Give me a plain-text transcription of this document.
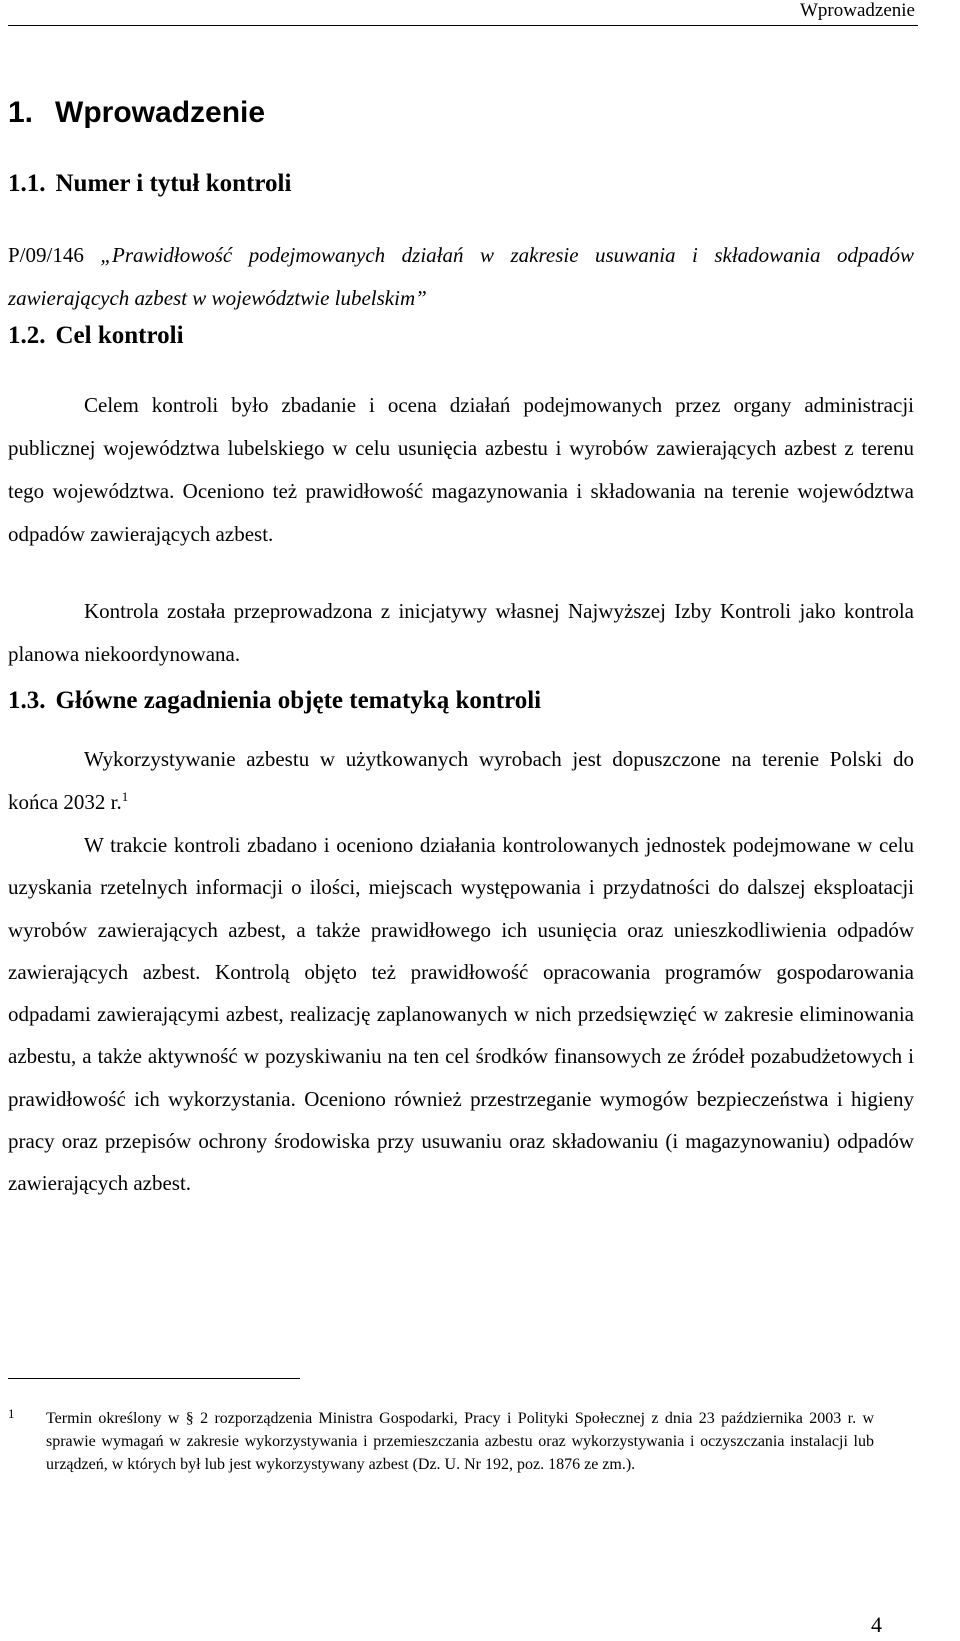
Wprowadzenie
1. Wprowadzenie
1.1. Numer i tytuł kontroli
P/09/146 „Prawidłowość podejmowanych działań w zakresie usuwania i składowania odpadów zawierających azbest w województwie lubelskim”
1.2. Cel kontroli
Celem kontroli było zbadanie i ocena działań podejmowanych przez organy administracji publicznej województwa lubelskiego w celu usunięcia azbestu i wyrobów zawierających azbest z terenu tego województwa. Oceniono też prawidłowość magazynowania i składowania na terenie województwa odpadów zawierających azbest.
Kontrola została przeprowadzona z inicjatywy własnej Najwyższej Izby Kontroli jako kontrola planowa niekoordynowana.
1.3. Główne zagadnienia objęte tematyką kontroli
Wykorzystywanie azbestu w użytkowanych wyrobach jest dopuszczone na terenie Polski do końca 2032 r.$^1$
W trakcie kontroli zbadano i oceniono działania kontrolowanych jednostek podejmowane w celu uzyskania rzetelnych informacji o ilości, miejscach występowania i przydatności do dalszej eksploatacji wyrobów zawierających azbest, a także prawidłowego ich usunięcia oraz unieszkodliwienia odpadów zawierających azbest. Kontrolą objęto też prawidłowość opracowania programów gospodarowania odpadami zawierającymi azbest, realizację zaplanowanych w nich przedsięwzięć w zakresie eliminowania azbestu, a także aktywność w pozyskiwaniu na ten cel środków finansowych ze źródeł pozabudżetowych i prawidłowość ich wykorzystania. Oceniono również przestrzeganie wymogów bezpieczeństwa i higieny pracy oraz przepisów ochrony środowiska przy usuwaniu oraz składowaniu (i magazynowaniu) odpadów zawierających azbest.
1 Termin określony w § 2 rozporządzenia Ministra Gospodarki, Pracy i Polityki Społecznej z dnia 23 października 2003 r. w sprawie wymagań w zakresie wykorzystywania i przemieszczania azbestu oraz wykorzystywania i oczyszczania instalacji lub urządzeń, w których był lub jest wykorzystywany azbest (Dz. U. Nr 192, poz. 1876 ze zm.).
4
